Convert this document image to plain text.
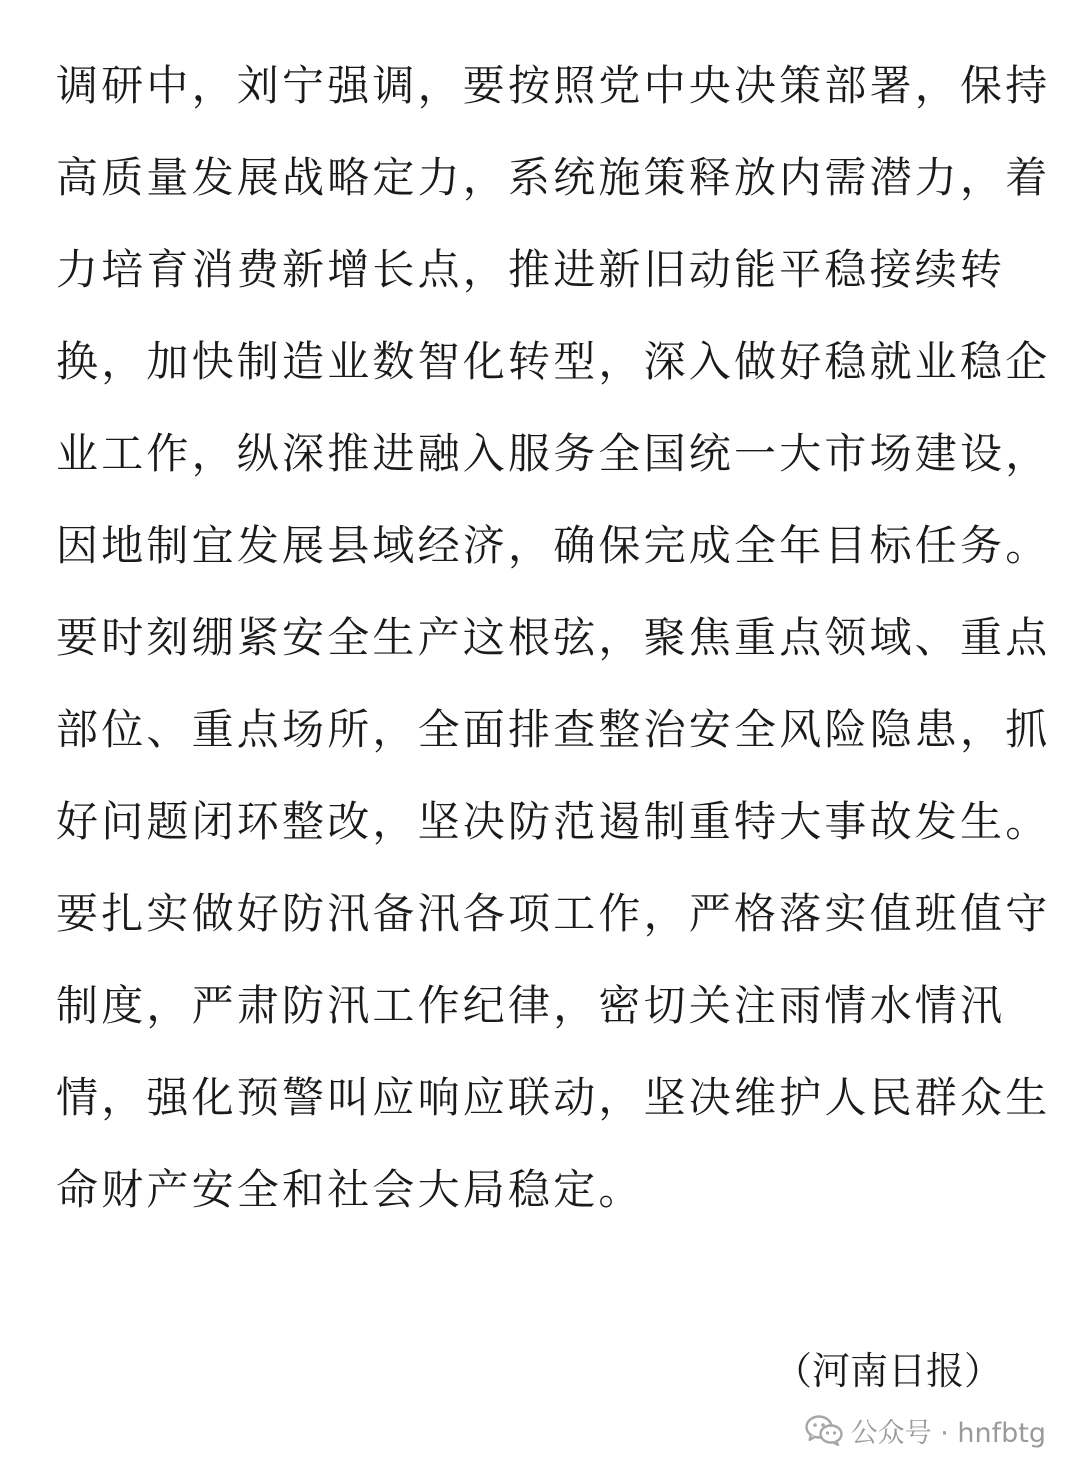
调研中，刘宁强调，要按照党中央决策部署，保持
高质量发展战略定力，系统施策释放内需潜力，着
力培育消费新增长点，推进新旧动能平稳接续转
换，加快制造业数智化转型，深入做好稳就业稳企
业工作，纵深推进融入服务全国统一大市场建设，
因地制宜发展县域经济，确保完成全年目标任务。
要时刻绷紧安全生产这根弦，聚焦重点领域、重点
部位、重点场所，全面排查整治安全风险隐患，抓
好问题闭环整改，坚决防范遏制重特大事故发生。
要扎实做好防汛备汛各项工作，严格落实值班值守
制度，严肃防汛工作纪律，密切关注雨情水情汛
情，强化预警叫应响应联动，坚决维护人民群众生
命财产安全和社会大局稳定。
（河南日报）
公众号 · hnfbtg
